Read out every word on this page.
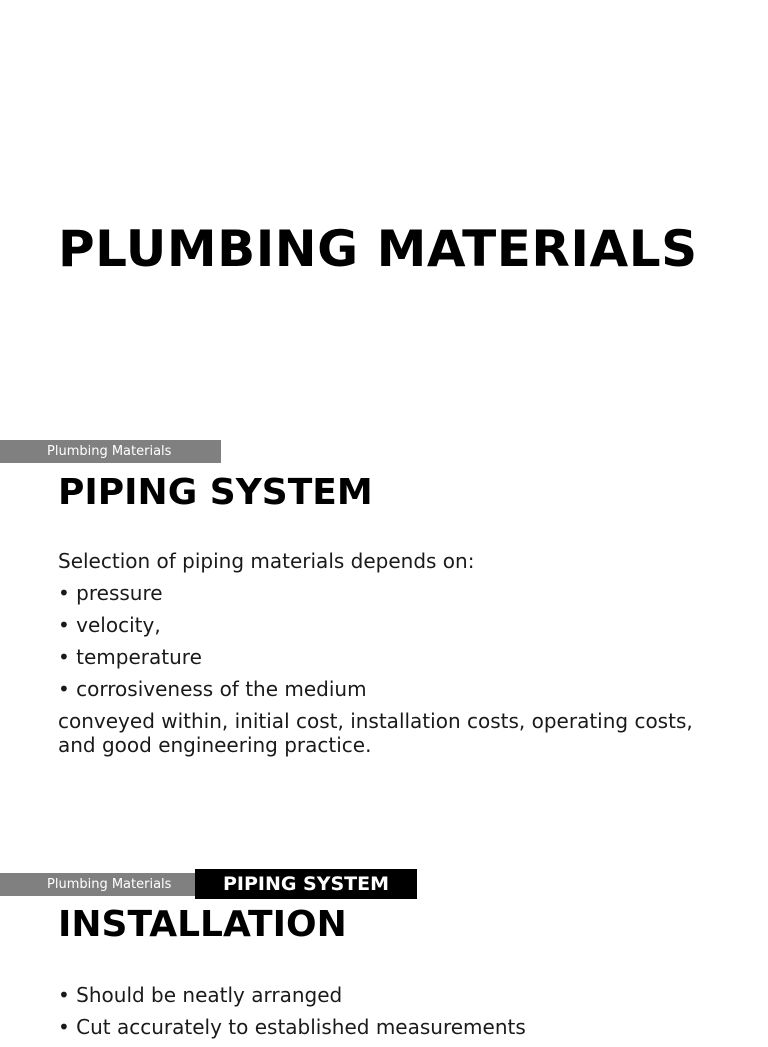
PLUMBING MATERIALS
Plumbing Materials
PIPING SYSTEM
Selection of piping materials depends on:
• pressure
• velocity,
• temperature
• corrosiveness of the medium
conveyed within, initial cost, installation costs, operating costs, and good engineering practice.
Plumbing Materials	PIPING SYSTEM
INSTALLATION
• Should be neatly arranged
• Cut accurately to established measurements
